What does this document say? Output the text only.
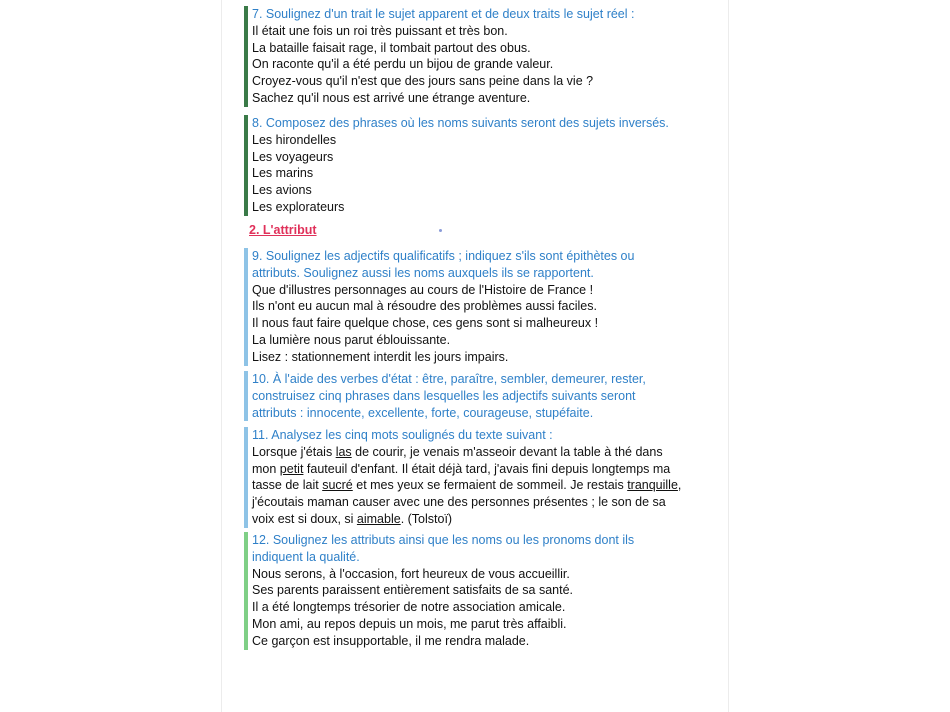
7. Soulignez d'un trait le sujet apparent et de deux traits le sujet réel :
Il était une fois un roi très puissant et très bon.
La bataille faisait rage, il tombait partout des obus.
On raconte qu'il a été perdu un bijou de grande valeur.
Croyez-vous qu'il n'est que des jours sans peine dans la vie ?
Sachez qu'il nous est arrivé une étrange aventure.
8. Composez des phrases où les noms suivants seront des sujets inversés.
Les hirondelles
Les voyageurs
Les marins
Les avions
Les explorateurs
2. L'attribut
9. Soulignez les adjectifs qualificatifs ; indiquez s'ils sont épithètes ou
attributs. Soulignez aussi les noms auxquels ils se rapportent.
Que d'illustres personnages au cours de l'Histoire de France !
Ils n'ont eu aucun mal à résoudre des problèmes aussi faciles.
Il nous faut faire quelque chose, ces gens sont si malheureux !
La lumière nous parut éblouissante.
Lisez : stationnement interdit les jours impairs.
10. À l'aide des verbes d'état : être, paraître, sembler, demeurer, rester,
construisez cinq phrases dans lesquelles les adjectifs suivants seront
attributs : innocente, excellente, forte, courageuse, stupéfaite.
11. Analysez les cinq mots soulignés du texte suivant :
Lorsque j'étais las de courir, je venais m'asseoir devant la table à thé dans
mon petit fauteuil d'enfant. Il était déjà tard, j'avais fini depuis longtemps ma
tasse de lait sucré et mes yeux se fermaient de sommeil. Je restais tranquille,
j'écoutais maman causer avec une des personnes présentes ; le son de sa
voix est si doux, si aimable. (Tolstoï)
12. Soulignez les attributs ainsi que les noms ou les pronoms dont ils
indiquent la qualité.
Nous serons, à l'occasion, fort heureux de vous accueillir.
Ses parents paraissent entièrement satisfaits de sa santé.
Il a été longtemps trésorier de notre association amicale.
Mon ami, au repos depuis un mois, me parut très affaibli.
Ce garçon est insupportable, il me rendra malade.
